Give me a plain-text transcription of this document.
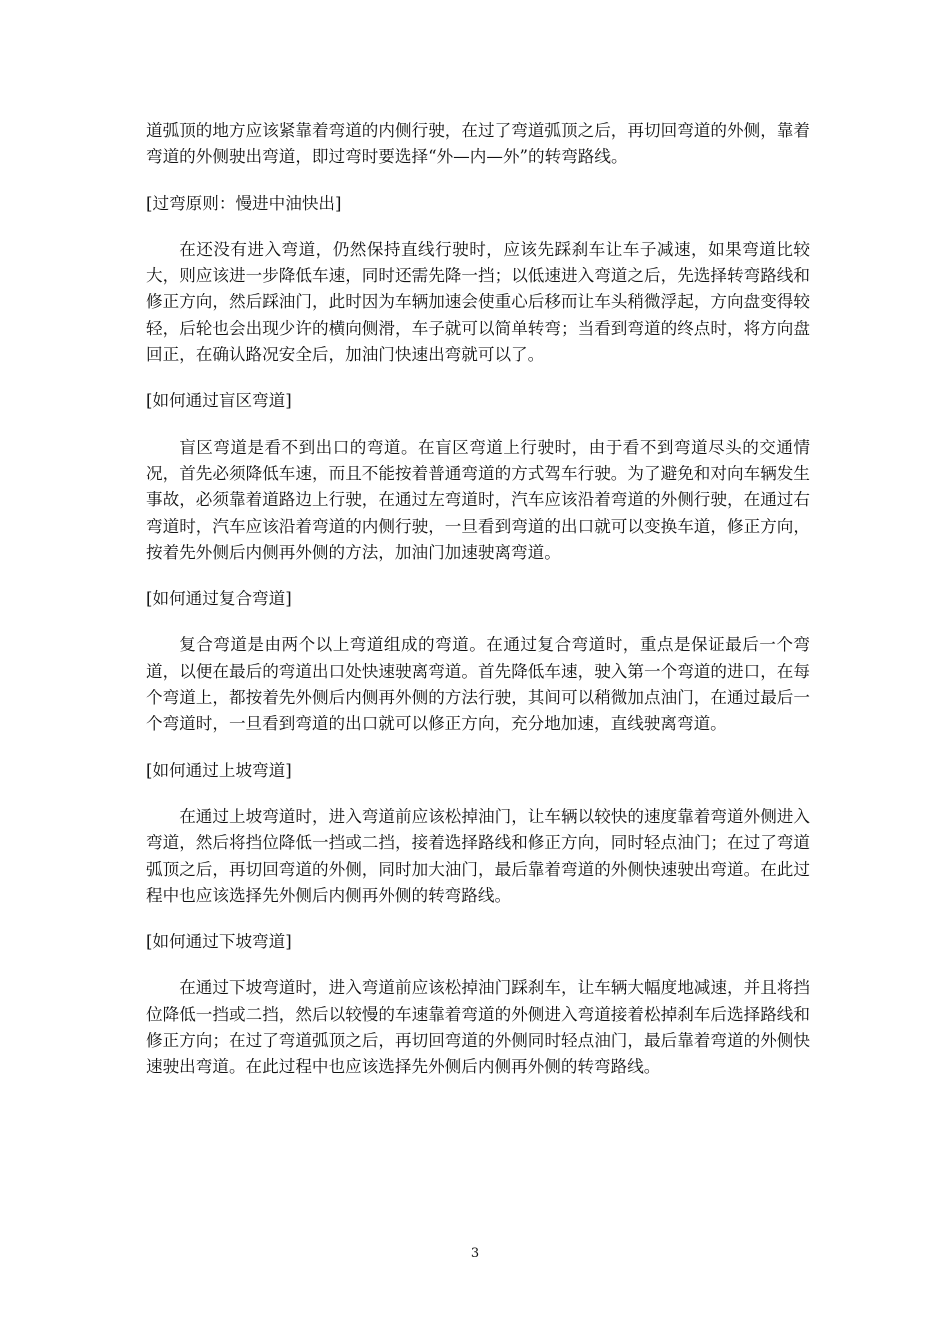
道弧顶的地方应该紧靠着弯道的内侧行驶，在过了弯道弧顶之后，再切回弯道的外侧，靠着弯道的外侧驶出弯道，即过弯时要选择“外—内—外”的转弯路线。

[过弯原则：慢进中油快出]

在还没有进入弯道，仍然保持直线行驶时，应该先踩刹车让车子减速，如果弯道比较大，则应该进一步降低车速，同时还需先降一挡；以低速进入弯道之后，先选择转弯路线和修正方向，然后踩油门，此时因为车辆加速会使重心后移而让车头稍微浮起，方向盘变得较轻，后轮也会出现少许的横向侧滑，车子就可以简单转弯；当看到弯道的终点时，将方向盘回正，在确认路况安全后，加油门快速出弯就可以了。

[如何通过盲区弯道]

盲区弯道是看不到出口的弯道。在盲区弯道上行驶时，由于看不到弯道尽头的交通情况，首先必须降低车速，而且不能按着普通弯道的方式驾车行驶。为了避免和对向车辆发生事故，必须靠着道路边上行驶，在通过左弯道时，汽车应该沿着弯道的外侧行驶，在通过右弯道时，汽车应该沿着弯道的内侧行驶，一旦看到弯道的出口就可以变换车道，修正方向，按着先外侧后内侧再外侧的方法，加油门加速驶离弯道。

[如何通过复合弯道]

复合弯道是由两个以上弯道组成的弯道。在通过复合弯道时，重点是保证最后一个弯道，以便在最后的弯道出口处快速驶离弯道。首先降低车速，驶入第一个弯道的进口，在每个弯道上，都按着先外侧后内侧再外侧的方法行驶，其间可以稍微加点油门，在通过最后一个弯道时，一旦看到弯道的出口就可以修正方向，充分地加速，直线驶离弯道。

[如何通过上坡弯道]

在通过上坡弯道时，进入弯道前应该松掉油门，让车辆以较快的速度靠着弯道外侧进入弯道，然后将挡位降低一挡或二挡，接着选择路线和修正方向，同时轻点油门；在过了弯道弧顶之后，再切回弯道的外侧，同时加大油门，最后靠着弯道的外侧快速驶出弯道。在此过程中也应该选择先外侧后内侧再外侧的转弯路线。

[如何通过下坡弯道]

在通过下坡弯道时，进入弯道前应该松掉油门踩刹车，让车辆大幅度地减速，并且将挡位降低一挡或二挡，然后以较慢的车速靠着弯道的外侧进入弯道接着松掉刹车后选择路线和修正方向；在过了弯道弧顶之后，再切回弯道的外侧同时轻点油门，最后靠着弯道的外侧快速驶出弯道。在此过程中也应该选择先外侧后内侧再外侧的转弯路线。

3
